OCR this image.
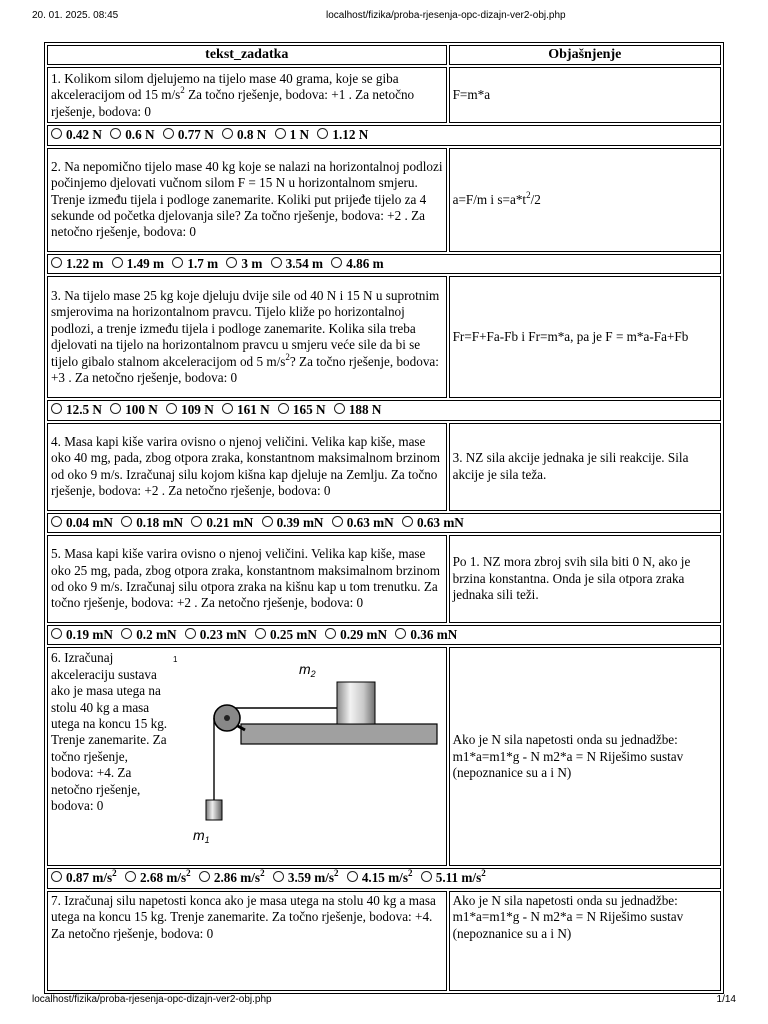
20. 01. 2025. 08:45	localhost/fizika/proba-rjesenja-opc-dizajn-ver2-obj.php
tekst_zadatka	Objašnjenje
1. Kolikom silom djelujemo na tijelo mase 40 grama, koje se giba akceleracijom od 15 $m/s^2$ Za točno rješenje, bodova: +1 . Za netočno rješenje, bodova: 0	F=m*a
0.42 N 0.6 N 0.77 N 0.8 N 1 N 1.12 N	
2. Na nepomično tijelo mase 40 kg koje se nalazi na horizontalnoj podlozi počinjemo djelovati vučnom silom F = 15 N u horizontalnom smjeru. Trenje između tijela i podloge zanemarite. Koliki put prijeđe tijelo za 4 sekunde od početka djelovanja sile? Za točno rješenje, bodova: +2 . Za netočno rješenje, bodova: 0	a=F/m i $s=a*t^2/2$
1.22 m 1.49 m 1.7 m 3 m 3.54 m 4.86 m	
3. Na tijelo mase 25 kg koje djeluju dvije sile od 40 N i 15 N u suprotnim smjerovima na horizontalnom pravcu. Tijelo kliže po horizontalnoj podlozi, a trenje između tijela i podloge zanemarite. Kolika sila treba djelovati na tijelo na horizontalnom pravcu u smjeru veće sile da bi se tijelo gibalo stalnom akceleracijom od 5 $m/s^2$? Za točno rješenje, bodova: +3 . Za netočno rješenje, bodova: 0	Fr=F+Fa-Fb i Fr=m*a, pa je F = m*a-Fa+Fb
12.5 N 100 N 109 N 161 N 165 N 188 N	
4. Masa kapi kiše varira ovisno o njenoj veličini. Velika kap kiše, mase oko 40 mg, pada, zbog otpora zraka, konstantnom maksimalnom brzinom od oko 9 m/s. Izračunaj silu kojom kišna kap djeluje na Zemlju. Za točno rješenje, bodova: +2 . Za netočno rješenje, bodova: 0	3. NZ sila akcije jednaka je sili reakcije. Sila akcije je sila teža.
0.04 mN 0.18 mN 0.21 mN 0.39 mN 0.63 mN 0.63 mN	
5. Masa kapi kiše varira ovisno o njenoj veličini. Velika kap kiše, mase oko 25 mg, pada, zbog otpora zraka, konstantnom maksimalnom brzinom od oko 9 m/s. Izračunaj silu otpora zraka na kišnu kap u tom trenutku. Za točno rješenje, bodova: +2 . Za netočno rješenje, bodova: 0	Po 1. NZ mora zbroj svih sila biti 0 N, ako je brzina konstantna. Onda je sila otpora zraka jednaka sili teži.
0.19 mN 0.2 mN 0.23 mN 0.25 mN 0.29 mN 0.36 mN	

6. Izračunaj akceleraciju sustava ako je masa utega na stolu 40 kg a masa utega na koncu 15 kg. Trenje zanemarite. Za točno rješenje, bodova: +4. Za netočno rješenje, bodova: 0
1
$m_2$
$m_1$	Ako je N sila napetosti onda su jednadžbe: m1*a=m1*g - N m2*a = N Riješimo sustav (nepoznanice su a i N)
0.87 $m/s^2$ 2.68 $m/s^2$ 2.86 $m/s^2$ 3.59 $m/s^2$ 4.15 $m/s^2$ 5.11 $m/s^2$
7. Izračunaj silu napetosti konca ako je masa utega na stolu 40 kg a masa utega na koncu 15 kg. Trenje zanemarite. Za točno rješenje, bodova: +4. Za netočno rješenje, bodova: 0	Ako je N sila napetosti onda su jednadžbe: m1*a=m1*g - N m2*a = N Riješimo sustav (nepoznanice su a i N)
localhost/fizika/proba-rjesenja-opc-dizajn-ver2-obj.php	1/14
